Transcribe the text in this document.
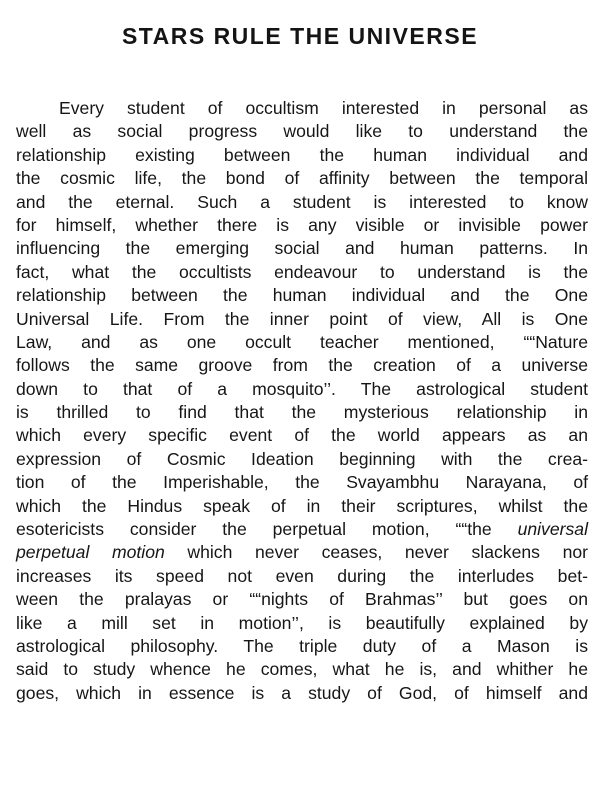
STARS RULE THE UNIVERSE
Every student of occultism interested in personal as
well as social progress would like to understand the
relationship existing between the human individual and
the cosmic life, the bond of affinity between the temporal
and the eternal. Such a student is interested to know
for himself, whether there is any visible or invisible power
influencing the emerging social and human patterns. In
fact, what the occultists endeavour to understand is the
relationship between the human individual and the One
Universal Life. From the inner point of view, All is One
Law, and as one occult teacher mentioned, ““Nature
follows the same groove from the creation of a universe
down to that of a mosquito’’. The astrological student
is thrilled to find that the mysterious relationship in
which every specific event of the world appears as an
expression of Cosmic Ideation beginning with the crea-
tion of the Imperishable, the Svayambhu Narayana, of
which the Hindus speak of in their scriptures, whilst the
esotericists consider the perpetual motion, ““the universal
perpetual motion which never ceases, never slackens nor
increases its speed not even during the interludes bet-
ween the pralayas or ““nights of Brahmas’’ but goes on
like a mill set in motion’’, is beautifully explained by
astrological philosophy. The triple duty of a Mason is
said to study whence he comes, what he is, and whither he
goes, which in essence is a study of God, of himself and
